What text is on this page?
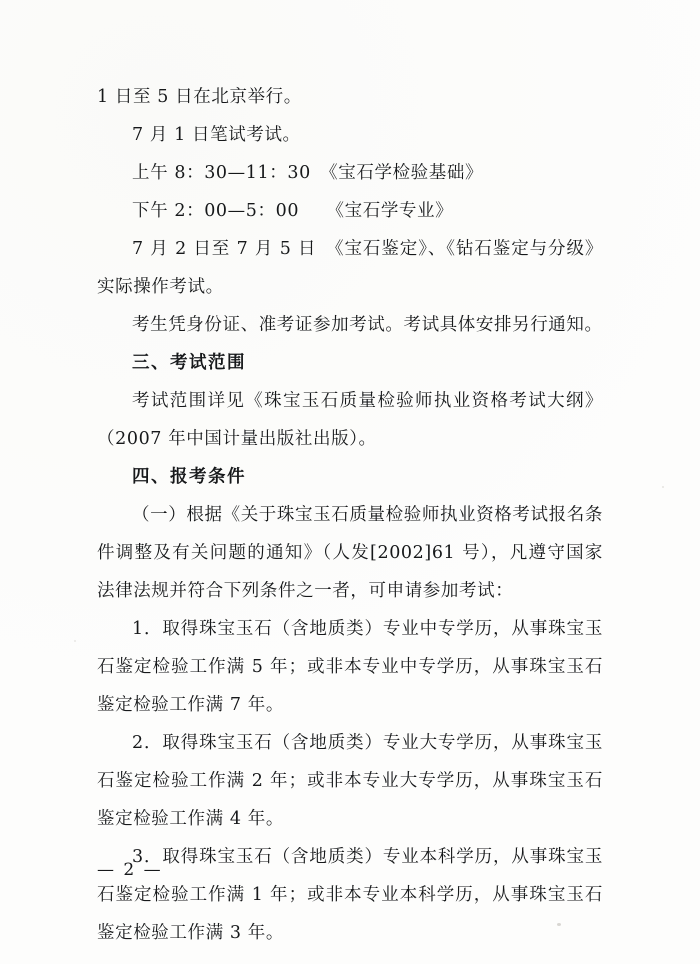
1 日至 5 日在北京举行。

7 月 1 日笔试考试。

上午 8：30—11：30　《宝石学检验基础》

下午 2：00—5：00　　《宝石学专业》

7 月 2 日至 7 月 5 日　《宝石鉴定》、《钻石鉴定与分级》实际操作考试。

考生凭身份证、准考证参加考试。考试具体安排另行通知。

三、考试范围

考试范围详见《珠宝玉石质量检验师执业资格考试大纲》（2007 年中国计量出版社出版）。

四、报考条件

（一）根据《关于珠宝玉石质量检验师执业资格考试报名条件调整及有关问题的通知》（人发[2002]61 号），凡遵守国家法律法规并符合下列条件之一者，可申请参加考试：

1．取得珠宝玉石（含地质类）专业中专学历，从事珠宝玉石鉴定检验工作满 5 年；或非本专业中专学历，从事珠宝玉石鉴定检验工作满 7 年。

2．取得珠宝玉石（含地质类）专业大专学历，从事珠宝玉石鉴定检验工作满 2 年；或非本专业大专学历，从事珠宝玉石鉴定检验工作满 4 年。

3．取得珠宝玉石（含地质类）专业本科学历，从事珠宝玉石鉴定检验工作满 1 年；或非本专业本科学历，从事珠宝玉石鉴定检验工作满 3 年。

— 2 —
